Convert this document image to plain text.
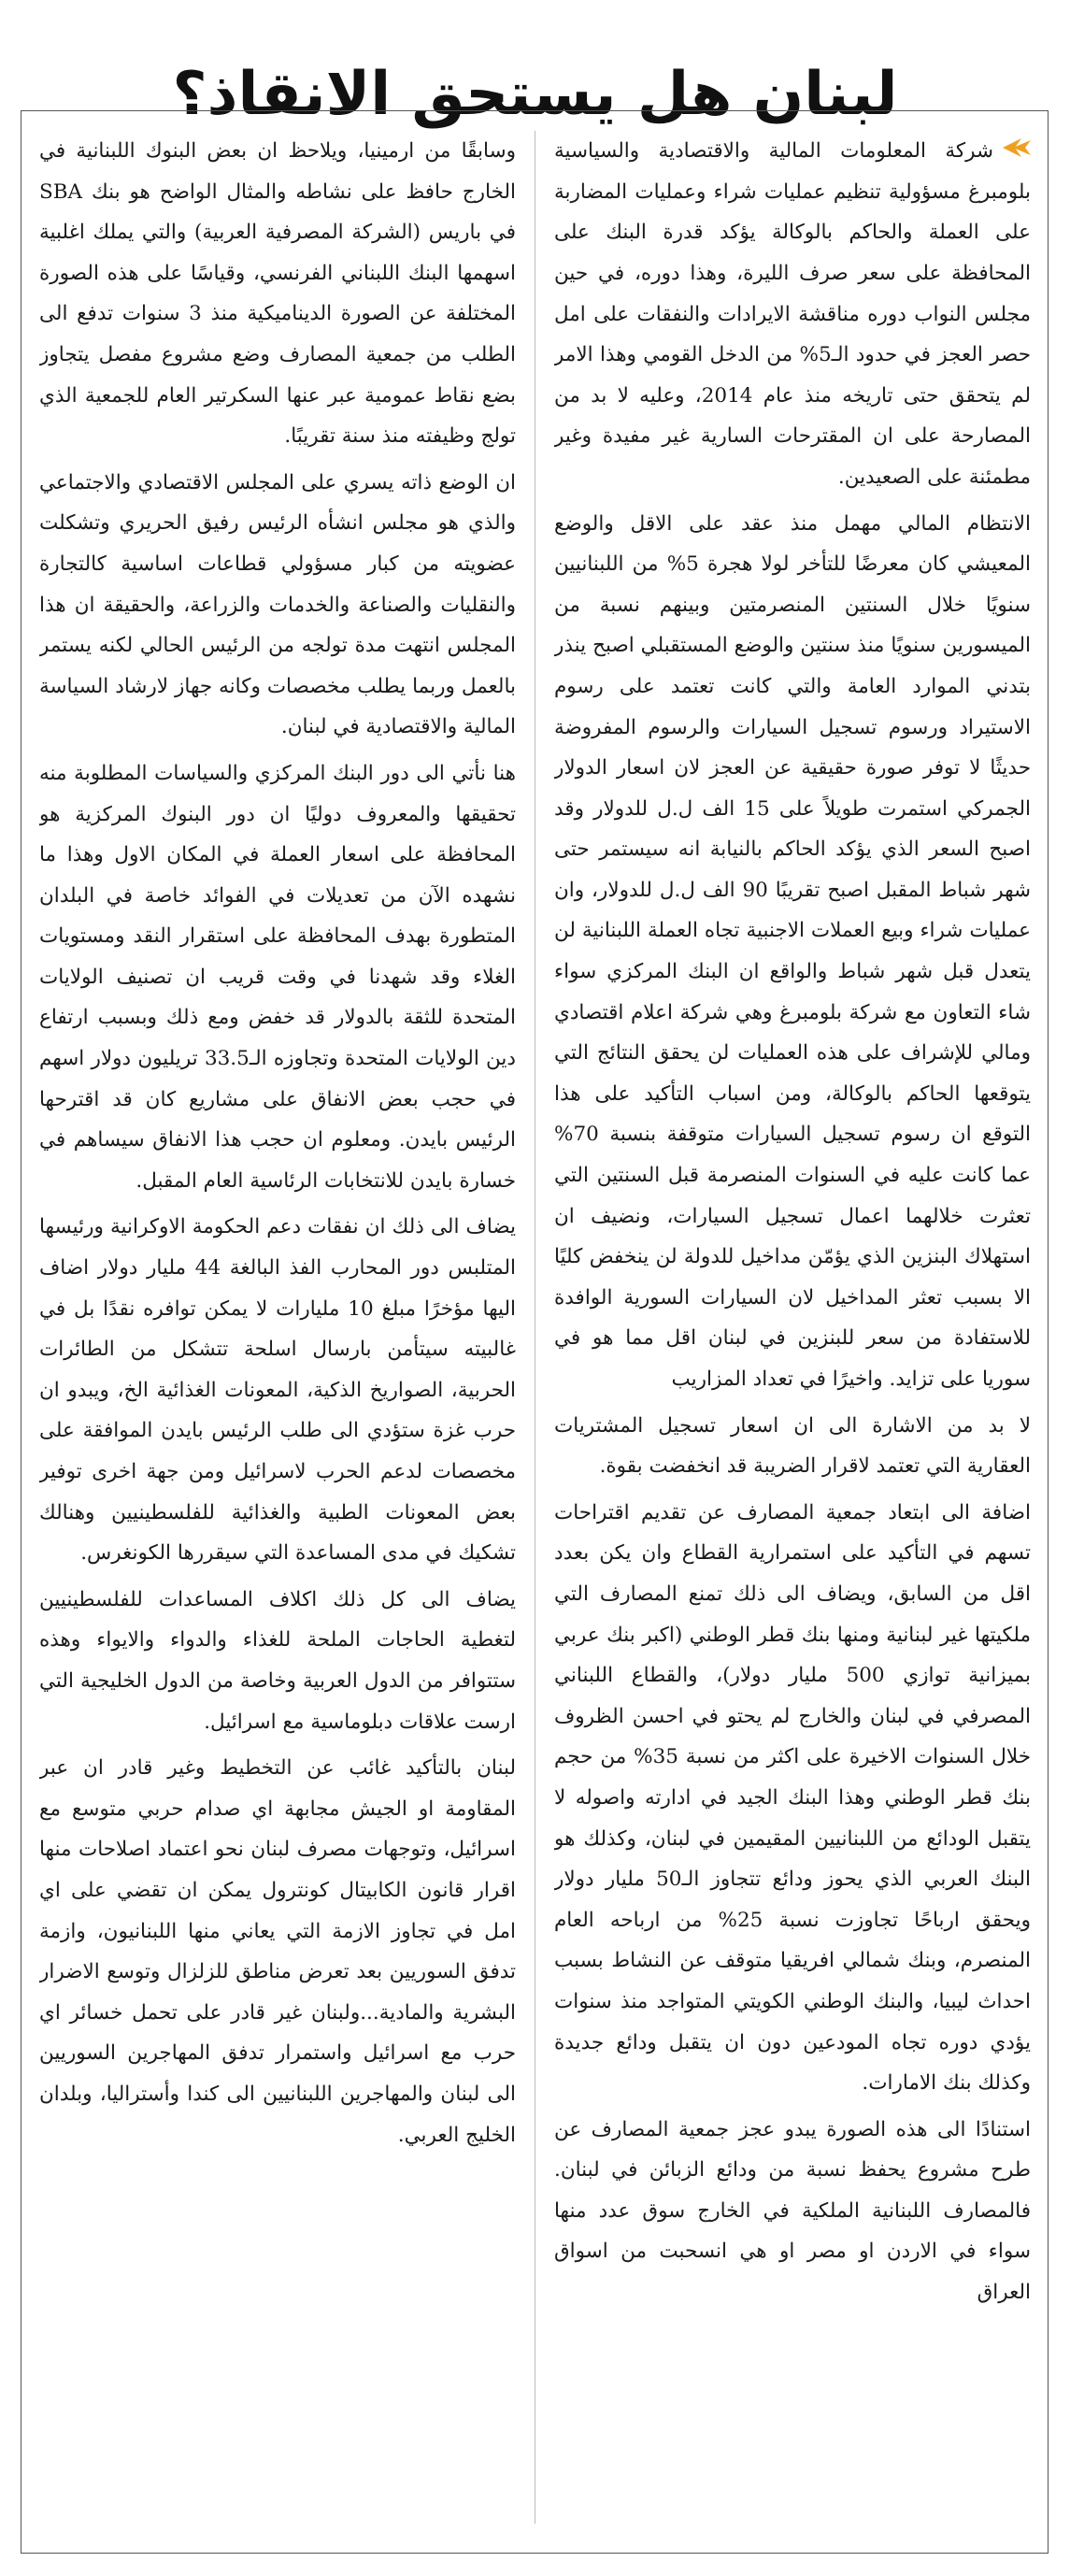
لبنان هل يستحق الانقاذ؟

شركة المعلومات المالية والاقتصادية والسياسية بلومبرغ مسؤولية تنظيم عمليات شراء وعمليات المضاربة على العملة والحاكم بالوكالة يؤكد قدرة البنك على المحافظة على سعر صرف الليرة، وهذا دوره، في حين مجلس النواب دوره مناقشة الايرادات والنفقات على امل حصر العجز في حدود الـ5% من الدخل القومي وهذا الامر لم يتحقق حتى تاريخه منذ عام 2014، وعليه لا بد من المصارحة على ان المقترحات السارية غير مفيدة وغير مطمئنة على الصعيدين.

الانتظام المالي مهمل منذ عقد على الاقل والوضع المعيشي كان معرضًا للتأخر لولا هجرة 5% من اللبنانيين سنويًا خلال السنتين المنصرمتين وبينهم نسبة من الميسورين سنويًا منذ سنتين والوضع المستقبلي اصبح ينذر بتدني الموارد العامة والتي كانت تعتمد على رسوم الاستيراد ورسوم تسجيل السيارات والرسوم المفروضة حديثًا لا توفر صورة حقيقية عن العجز لان اسعار الدولار الجمركي استمرت طويلاً على 15 الف ل.ل للدولار وقد اصبح السعر الذي يؤكد الحاكم بالنيابة انه سيستمر حتى شهر شباط المقبل اصبح تقريبًا 90 الف ل.ل للدولار، وان عمليات شراء وبيع العملات الاجنبية تجاه العملة اللبنانية لن يتعدل قبل شهر شباط والواقع ان البنك المركزي سواء شاء التعاون مع شركة بلومبرغ وهي شركة اعلام اقتصادي ومالي للإشراف على هذه العمليات لن يحقق النتائج التي يتوقعها الحاكم بالوكالة، ومن اسباب التأكيد على هذا التوقع ان رسوم تسجيل السيارات متوقفة بنسبة 70% عما كانت عليه في السنوات المنصرمة قبل السنتين التي تعثرت خلالهما اعمال تسجيل السيارات، ونضيف ان استهلاك البنزين الذي يؤمّن مداخيل للدولة لن ينخفض كليًا الا بسبب تعثر المداخيل لان السيارات السورية الوافدة للاستفادة من سعر للبنزين في لبنان اقل مما هو في سوريا على تزايد. واخيرًا في تعداد المزاريب

لا بد من الاشارة الى ان اسعار تسجيل المشتريات العقارية التي تعتمد لاقرار الضريبة قد انخفضت بقوة.

اضافة الى ابتعاد جمعية المصارف عن تقديم اقتراحات تسهم في التأكيد على استمرارية القطاع وان يكن بعدد اقل من السابق، ويضاف الى ذلك تمنع المصارف التي ملكيتها غير لبنانية ومنها بنك قطر الوطني (اكبر بنك عربي بميزانية توازي 500 مليار دولار)، والقطاع اللبناني المصرفي في لبنان والخارج لم يحتو في احسن الظروف خلال السنوات الاخيرة على اكثر من نسبة 35% من حجم بنك قطر الوطني وهذا البنك الجيد في ادارته واصوله لا يتقبل الودائع من اللبنانيين المقيمين في لبنان، وكذلك هو البنك العربي الذي يحوز ودائع تتجاوز الـ50 مليار دولار ويحقق ارباحًا تجاوزت نسبة 25% من ارباحه العام المنصرم، وبنك شمالي افريقيا متوقف عن النشاط بسبب احداث ليبيا، والبنك الوطني الكويتي المتواجد منذ سنوات يؤدي دوره تجاه المودعين دون ان يتقبل ودائع جديدة وكذلك بنك الامارات.

استنادًا الى هذه الصورة يبدو عجز جمعية المصارف عن طرح مشروع يحفظ نسبة من ودائع الزبائن في لبنان. فالمصارف اللبنانية الملكية في الخارج سوق عدد منها سواء في الاردن او مصر او هي انسحبت من اسواق العراق

وسابقًا من ارمينيا، ويلاحظ ان بعض البنوك اللبنانية في الخارج حافظ على نشاطه والمثال الواضح هو بنك SBA في باريس (الشركة المصرفية العربية) والتي يملك اغلبية اسهمها البنك اللبناني الفرنسي، وقياسًا على هذه الصورة المختلفة عن الصورة الديناميكية منذ 3 سنوات تدفع الى الطلب من جمعية المصارف وضع مشروع مفصل يتجاوز بضع نقاط عمومية عبر عنها السكرتير العام للجمعية الذي تولج وظيفته منذ سنة تقريبًا.

ان الوضع ذاته يسري على المجلس الاقتصادي والاجتماعي والذي هو مجلس انشأه الرئيس رفيق الحريري وتشكلت عضويته من كبار مسؤولي قطاعات اساسية كالتجارة والنقليات والصناعة والخدمات والزراعة، والحقيقة ان هذا المجلس انتهت مدة تولجه من الرئيس الحالي لكنه يستمر بالعمل وربما يطلب مخصصات وكانه جهاز لارشاد السياسة المالية والاقتصادية في لبنان.

هنا نأتي الى دور البنك المركزي والسياسات المطلوبة منه تحقيقها والمعروف دوليًا ان دور البنوك المركزية هو المحافظة على اسعار العملة في المكان الاول وهذا ما نشهده الآن من تعديلات في الفوائد خاصة في البلدان المتطورة بهدف المحافظة على استقرار النقد ومستويات الغلاء وقد شهدنا في وقت قريب ان تصنيف الولايات المتحدة للثقة بالدولار قد خفض ومع ذلك وبسبب ارتفاع دين الولايات المتحدة وتجاوزه الـ33.5 تريليون دولار اسهم في حجب بعض الانفاق على مشاريع كان قد اقترحها الرئيس بايدن. ومعلوم ان حجب هذا الانفاق سيساهم في خسارة بايدن للانتخابات الرئاسية العام المقبل.

يضاف الى ذلك ان نفقات دعم الحكومة الاوكرانية ورئيسها المتلبس دور المحارب الفذ البالغة 44 مليار دولار اضاف اليها مؤخرًا مبلغ 10 مليارات لا يمكن توافره نقدًا بل في غالبيته سيتأمن بارسال اسلحة تتشكل من الطائرات الحربية، الصواريخ الذكية، المعونات الغذائية الخ، ويبدو ان حرب غزة ستؤدي الى طلب الرئيس بايدن الموافقة على مخصصات لدعم الحرب لاسرائيل ومن جهة اخرى توفير بعض المعونات الطبية والغذائية للفلسطينيين وهنالك تشكيك في مدى المساعدة التي سيقررها الكونغرس.

يضاف الى كل ذلك اكلاف المساعدات للفلسطينيين لتغطية الحاجات الملحة للغذاء والدواء والايواء وهذه ستتوافر من الدول العربية وخاصة من الدول الخليجية التي ارست علاقات دبلوماسية مع اسرائيل.

لبنان بالتأكيد غائب عن التخطيط وغير قادر ان عبر المقاومة او الجيش مجابهة اي صدام حربي متوسع مع اسرائيل، وتوجهات مصرف لبنان نحو اعتماد اصلاحات منها اقرار قانون الكابيتال كونترول يمكن ان تقضي على اي امل في تجاوز الازمة التي يعاني منها اللبنانيون، وازمة تدفق السوريين بعد تعرض مناطق للزلزال وتوسع الاضرار البشرية والمادية...ولبنان غير قادر على تحمل خسائر اي حرب مع اسرائيل واستمرار تدفق المهاجرين السوريين الى لبنان والمهاجرين اللبنانيين الى كندا وأستراليا، وبلدان الخليج العربي.
